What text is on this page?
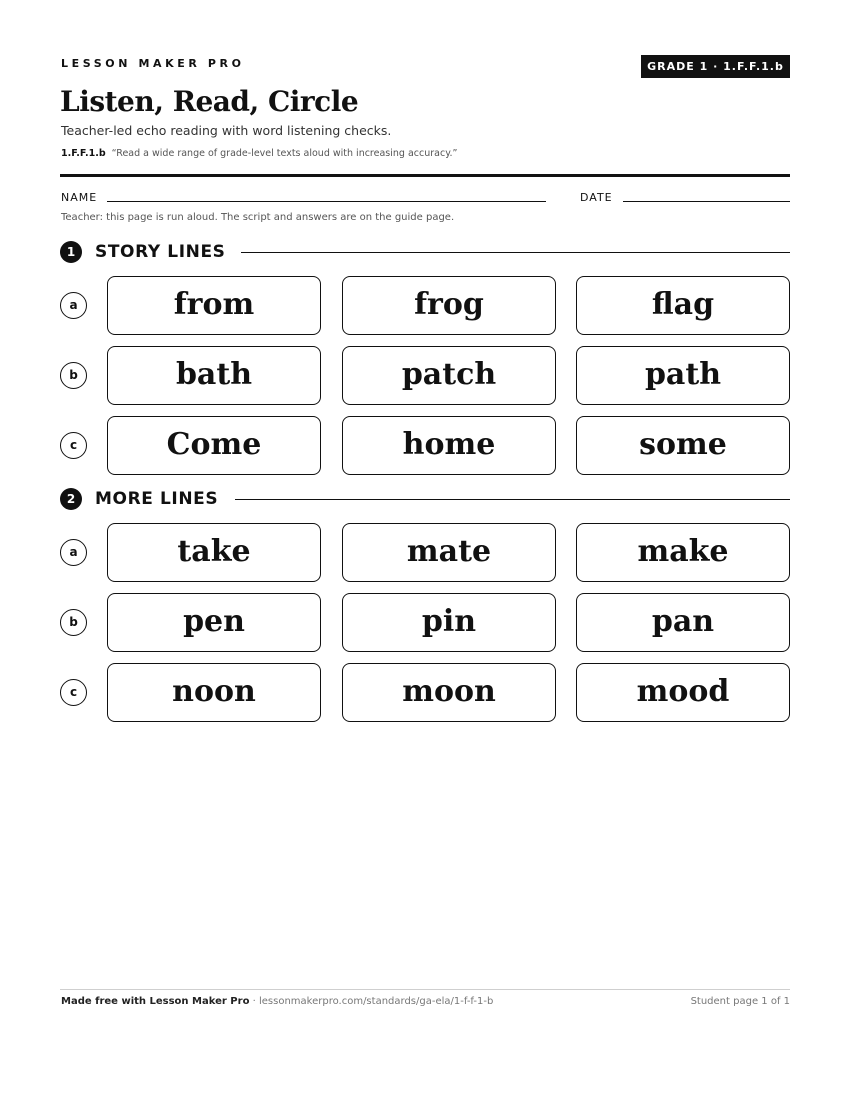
LESSON MAKER PRO	GRADE 1 · 1.F.F.1.b
Listen, Read, Circle
Teacher-led echo reading with word listening checks.
1.F.F.1.b “Read a wide range of grade-level texts aloud with increasing accuracy.”
NAME	DATE
Teacher: this page is run aloud. The script and answers are on the guide page.
1	STORY LINES
a	from	frog	flag
b	bath	patch	path
c	Come	home	some
2	MORE LINES
a	take	mate	make
b	pen	pin	pan
c	noon	moon	mood
Made free with Lesson Maker Pro · lessonmakerpro.com/standards/ga-ela/1-f-f-1-b	Student page 1 of 1
